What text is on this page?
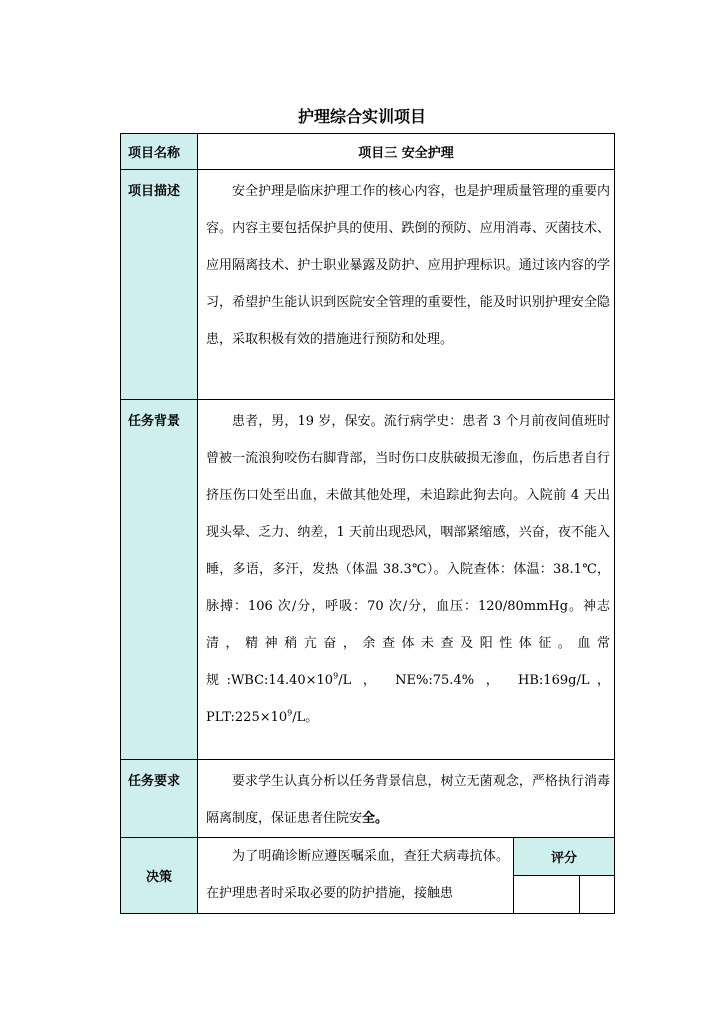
护理综合实训项目
项目名称	项目三 安全护理		
项目描述	安全护理是临床护理工作的核心内容，也是护理质量管理的重要内容。内容主要包括保护具的使用、跌倒的预防、应用消毒、灭菌技术、应用隔离技术、护士职业暴露及防护、应用护理标识。通过该内容的学习，希望护生能认识到医院安全管理的重要性，能及时识别护理安全隐患，采取积极有效的措施进行预防和处理。		

任务背景	患者，男，19 岁，保安。流行病学史：患者 3 个月前夜间值班时曾被一流浪狗咬伤右脚背部，当时伤口皮肤破损无渗血，伤后患者自行挤压伤口处至出血，未做其他处理，未追踪此狗去向。入院前 4 天出现头晕、乏力、纳差，1 天前出现恐风，咽部紧缩感，兴奋，夜不能入睡，多语，多汗，发热（体温 38.3℃）。入院查体：体温：38.1℃，脉搏：106 次/分，呼吸：70 次/分，血压：120/80mmHg。神志清，精神稍亢奋，余查体未查及阳性体征。血常规$:WBC:14.40\times 10^9/L$ ， NE%:75.4% ， HB:169g/L， $PLT:225\times 10^9/L$。		

任务要求	要求学生认真分析以任务背景信息，树立无菌观念，严格执行消毒隔离制度，保证患者住院安全。		

决策	为了明确诊断应遵医嘱采血，查狂犬病毒抗体。在护理患者时采取必要的防护措施，接触患	评分	
